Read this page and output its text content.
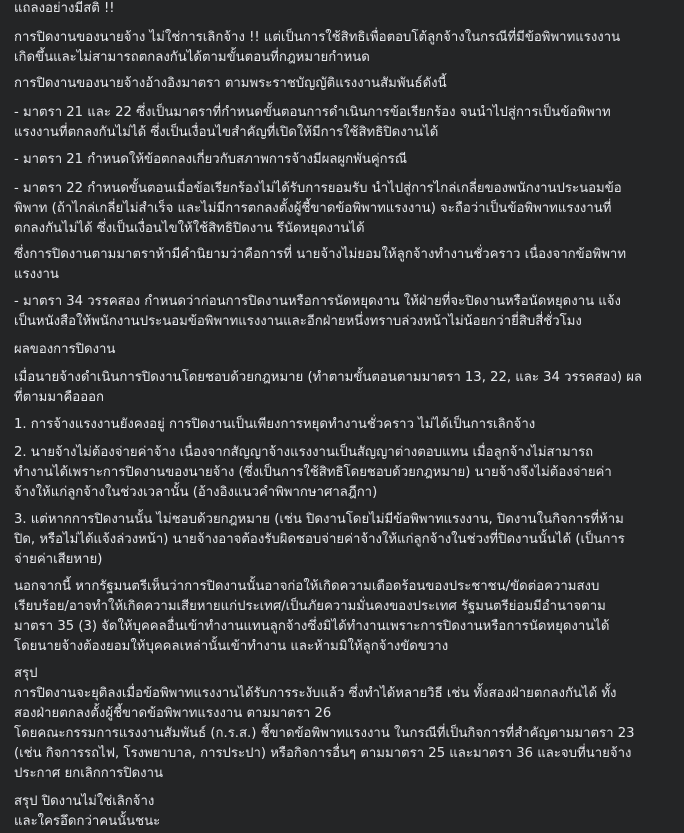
แถลงอย่างมีสติ !!

การปิดงานของนายจ้าง ไม่ใช่การเลิกจ้าง !! แต่เป็นการใช้สิทธิเพื่อตอบโต้ลูกจ้างในกรณีที่มีข้อพิพาทแรงงาน
เกิดขึ้นและไม่สามารถตกลงกันได้ตามขั้นตอนที่กฎหมายกำหนด

การปิดงานของนายจ้างอ้างอิงมาตรา ตามพระราชบัญญัติแรงงานสัมพันธ์ดังนี้

- มาตรา 21 และ 22 ซึ่งเป็นมาตราที่กำหนดขั้นตอนการดำเนินการข้อเรียกร้อง จนนำไปสู่การเป็นข้อพิพาท
แรงงานที่ตกลงกันไม่ได้ ซึ่งเป็นเงื่อนไขสำคัญที่เปิดให้มีการใช้สิทธิปิดงานได้

- มาตรา 21 กำหนดให้ข้อตกลงเกี่ยวกับสภาพการจ้างมีผลผูกพันคู่กรณี

- มาตรา 22 กำหนดขั้นตอนเมื่อข้อเรียกร้องไม่ได้รับการยอมรับ นำไปสู่การไกล่เกลี่ยของพนักงานประนอมข้อ
พิพาท (ถ้าไกล่เกลี่ยไม่สำเร็จ และไม่มีการตกลงตั้งผู้ชี้ขาดข้อพิพาทแรงงาน) จะถือว่าเป็นข้อพิพาทแรงงานที่
ตกลงกันไม่ได้ ซึ่งเป็นเงื่อนไขให้ใช้สิทธิปิดงาน รึนัดหยุดงานได้

ซึ่งการปิดงานตามมาตราห้ามีคำนิยามว่าคือการที่ นายจ้างไม่ยอมให้ลูกจ้างทำงานชั่วคราว เนื่องจากข้อพิพาท
แรงงาน

- มาตรา 34 วรรคสอง กำหนดว่าก่อนการปิดงานหรือการนัดหยุดงาน ให้ฝ่ายที่จะปิดงานหรือนัดหยุดงาน แจ้ง
เป็นหนังสือให้พนักงานประนอมข้อพิพาทแรงงานและอีกฝ่ายหนึ่งทราบล่วงหน้าไม่น้อยกว่ายี่สิบสี่ชั่วโมง

ผลของการปิดงาน

เมื่อนายจ้างดำเนินการปิดงานโดยชอบด้วยกฎหมาย (ทำตามขั้นตอนตามมาตรา 13, 22, และ 34 วรรคสอง) ผล
ที่ตามมาคือออก

1. การจ้างแรงงานยังคงอยู่ การปิดงานเป็นเพียงการหยุดทำงานชั่วคราว ไม่ได้เป็นการเลิกจ้าง

2. นายจ้างไม่ต้องจ่ายค่าจ้าง เนื่องจากสัญญาจ้างแรงงานเป็นสัญญาต่างตอบแทน เมื่อลูกจ้างไม่สามารถ
ทำงานได้เพราะการปิดงานของนายจ้าง (ซึ่งเป็นการใช้สิทธิโดยชอบด้วยกฎหมาย) นายจ้างจึงไม่ต้องจ่ายค่า
จ้างให้แก่ลูกจ้างในช่วงเวลานั้น (อ้างอิงแนวคำพิพากษาศาลฎีกา)

3. แต่หากการปิดงานนั้น ไม่ชอบด้วยกฎหมาย (เช่น ปิดงานโดยไม่มีข้อพิพาทแรงงาน, ปิดงานในกิจการที่ห้าม
ปิด, หรือไม่ได้แจ้งล่วงหน้า) นายจ้างอาจต้องรับผิดชอบจ่ายค่าจ้างให้แก่ลูกจ้างในช่วงที่ปิดงานนั้นได้ (เป็นการ
จ่ายค่าเสียหาย)

นอกจากนี้ หากรัฐมนตรีเห็นว่าการปิดงานนั้นอาจก่อให้เกิดความเดือดร้อนของประชาชน/ขัดต่อความสงบ
เรียบร้อย/อาจทำให้เกิดความเสียหายแก่ประเทศ/เป็นภัยความมั่นคงของประเทศ รัฐมนตรีย่อมมีอำนาจตาม
มาตรา 35 (3) จัดให้บุคคลอื่นเข้าทำงานแทนลูกจ้างซึ่งมิได้ทำงานเพราะการปิดงานหรือการนัดหยุดงานได้
โดยนายจ้างต้องยอมให้บุคคลเหล่านั้นเข้าทำงาน และห้ามมิให้ลูกจ้างขัดขวาง

สรุป
การปิดงานจะยุติลงเมื่อข้อพิพาทแรงงานได้รับการระงับแล้ว ซึ่งทำได้หลายวิธี เช่น ทั้งสองฝ่ายตกลงกันได้ ทั้ง
สองฝ่ายตกลงตั้งผู้ชี้ขาดข้อพิพาทแรงงาน ตามมาตรา 26
โดยคณะกรรมการแรงงานสัมพันธ์ (ก.ร.ส.) ชี้ขาดข้อพิพาทแรงงาน ในกรณีที่เป็นกิจการที่สำคัญตามมาตรา 23
(เช่น กิจการรถไฟ, โรงพยาบาล, การประปา) หรือกิจการอื่นๆ ตามมาตรา 25 และมาตรา 36 และจบที่นายจ้าง
ประกาศ ยกเลิกการปิดงาน

สรุป ปิดงานไม่ใช่เลิกจ้าง
และใครอึดกว่าคนนั้นชนะ
